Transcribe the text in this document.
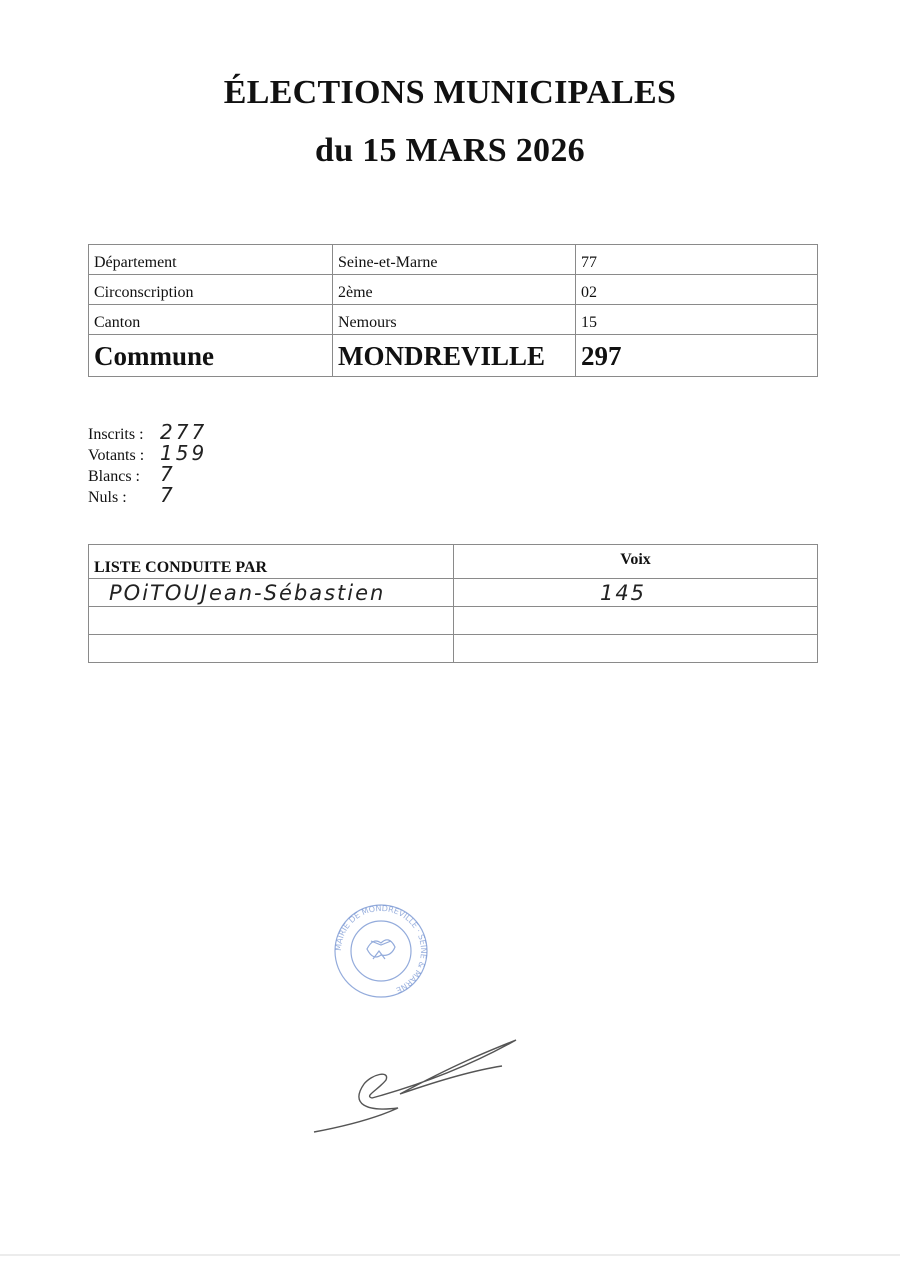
ÉLECTIONS MUNICIPALES
du 15 MARS 2026
Département	Seine-et-Marne	77
Circonscription	2ème	02
Canton	Nemours	15
Commune	MONDREVILLE	297
Inscrits : 277
Votants : 159
Blancs : 7
Nuls : 7
LISTE CONDUITE PAR	Voix
POiTOUJean-Sébastien	145

MAIRIE DE MONDREVILLE · SEINE & MARNE
